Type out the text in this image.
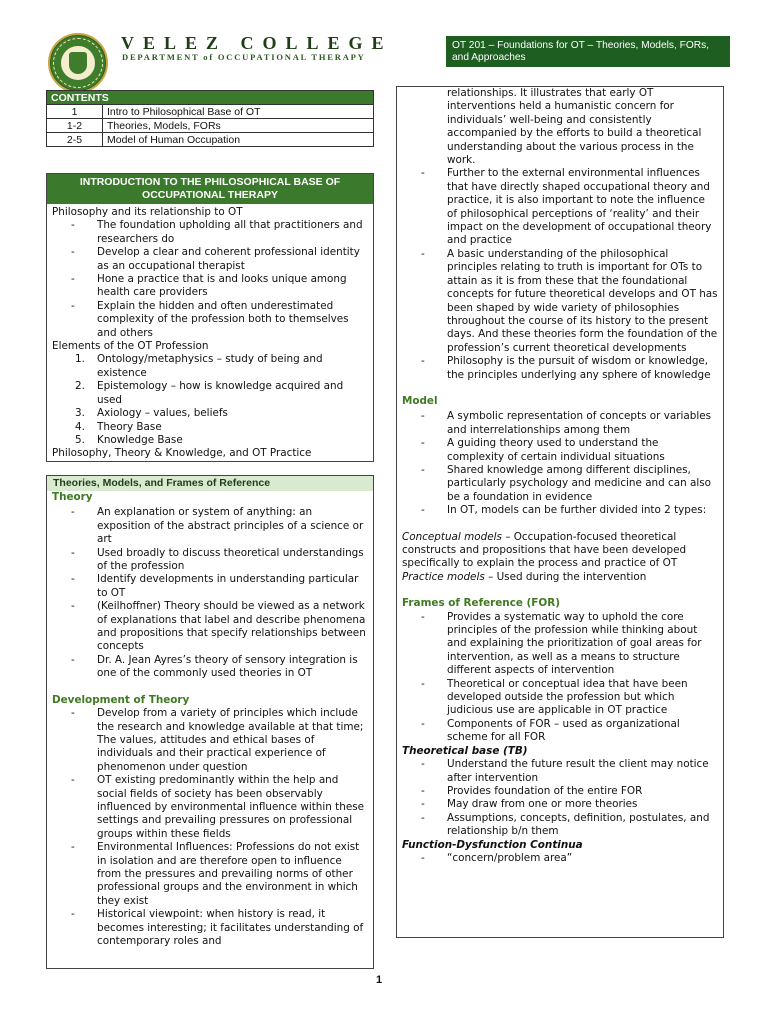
VELEZ COLLEGE
DEPARTMENT of OCCUPATIONAL THERAPY
OT 201 – Foundations for OT – Theories, Models, FORs, and Approaches
CONTENTS	
1	Intro to Philosophical Base of OT
1-2	Theories, Models, FORs
2-5	Model of Human Occupation
INTRODUCTION TO THE PHILOSOPHICAL BASE OF OCCUPATIONAL THERAPY
Philosophy and its relationship to OT
- The foundation upholding all that practitioners and researchers do
- Develop a clear and coherent professional identity as an occupational therapist
- Hone a practice that is and looks unique among health care providers
- Explain the hidden and often underestimated complexity of the profession both to themselves and others
Elements of the OT Profession
1. Ontology/metaphysics – study of being and existence
2. Epistemology – how is knowledge acquired and used
3. Axiology – values, beliefs
4. Theory Base
5. Knowledge Base
Philosophy, Theory & Knowledge, and OT Practice
Theories, Models, and Frames of Reference
Theory
- An explanation or system of anything: an exposition of the abstract principles of a science or art
- Used broadly to discuss theoretical understandings of the profession
- Identify developments in understanding particular to OT
- (Keilhoffner) Theory should be viewed as a network of explanations that label and describe phenomena and propositions that specify relationships between concepts
- Dr. A. Jean Ayres’s theory of sensory integration is one of the commonly used theories in OT
Development of Theory
- Develop from a variety of principles which include the research and knowledge available at that time; The values, attitudes and ethical bases of individuals and their practical experience of phenomenon under question
- OT existing predominantly within the help and social fields of society has been observably influenced by environmental influence within these settings and prevailing pressures on professional groups within these fields
- Environmental Influences: Professions do not exist in isolation and are therefore open to influence from the pressures and prevailing norms of other professional groups and the environment in which they exist
- Historical viewpoint: when history is read, it becomes interesting; it facilitates understanding of contemporary roles and
relationships. It illustrates that early OT interventions held a humanistic concern for individuals’ well-being and consistently accompanied by the efforts to build a theoretical understanding about the various process in the work.
- Further to the external environmental influences that have directly shaped occupational theory and practice, it is also important to note the influence of philosophical perceptions of ‘reality’ and their impact on the development of occupational theory and practice
- A basic understanding of the philosophical principles relating to truth is important for OTs to attain as it is from these that the foundational concepts for future theoretical develops and OT has been shaped by wide variety of philosophies throughout the course of its history to the present days. And these theories form the foundation of the profession’s current theoretical developments
- Philosophy is the pursuit of wisdom or knowledge, the principles underlying any sphere of knowledge
Model
- A symbolic representation of concepts or variables and interrelationships among them
- A guiding theory used to understand the complexity of certain individual situations
- Shared knowledge among different disciplines, particularly psychology and medicine and can also be a foundation in evidence
- In OT, models can be further divided into 2 types:
Conceptual models – Occupation-focused theoretical constructs and propositions that have been developed specifically to explain the process and practice of OT
Practice models – Used during the intervention
Frames of Reference (FOR)
- Provides a systematic way to uphold the core principles of the profession while thinking about and explaining the prioritization of goal areas for intervention, as well as a means to structure different aspects of intervention
- Theoretical or conceptual idea that have been developed outside the profession but which judicious use are applicable in OT practice
- Components of FOR – used as organizational scheme for all FOR
Theoretical base (TB)
- Understand the future result the client may notice after intervention
- Provides foundation of the entire FOR
- May draw from one or more theories
- Assumptions, concepts, definition, postulates, and relationship b/n them
Function-Dysfunction Continua
- “concern/problem area”
1
